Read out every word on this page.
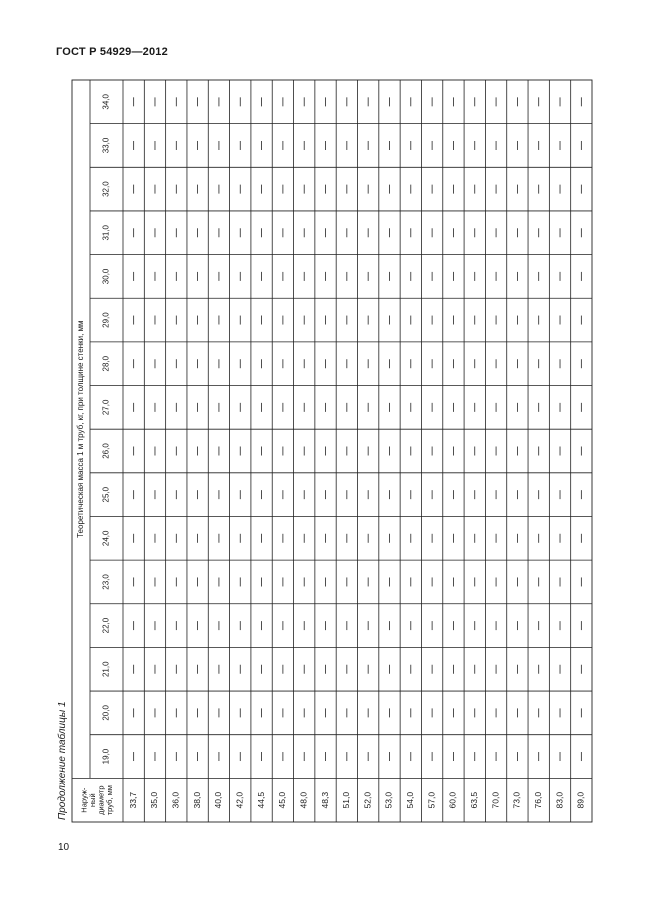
ГОСТ Р 54929—2012
Продолжение таблицы 1
10
Теоретическая масса 1 м труб, кг, при толщине стенки, мм
Наруж- ный диаметр труб, мм
19,0
20,0
21,0
22,0
23,0
24,0
25,0
26,0
27,0
28,0
29,0
30,0
31,0
32,0
33,0
34,0
33,7 35,0 36,0 38,0 40,0 42,0 44,5 45,0 48,0 48,3 51,0 52,0 53,0 54,0 57,0 60,0 63,5 70,0 73,0 76,0 83,0 89,0
